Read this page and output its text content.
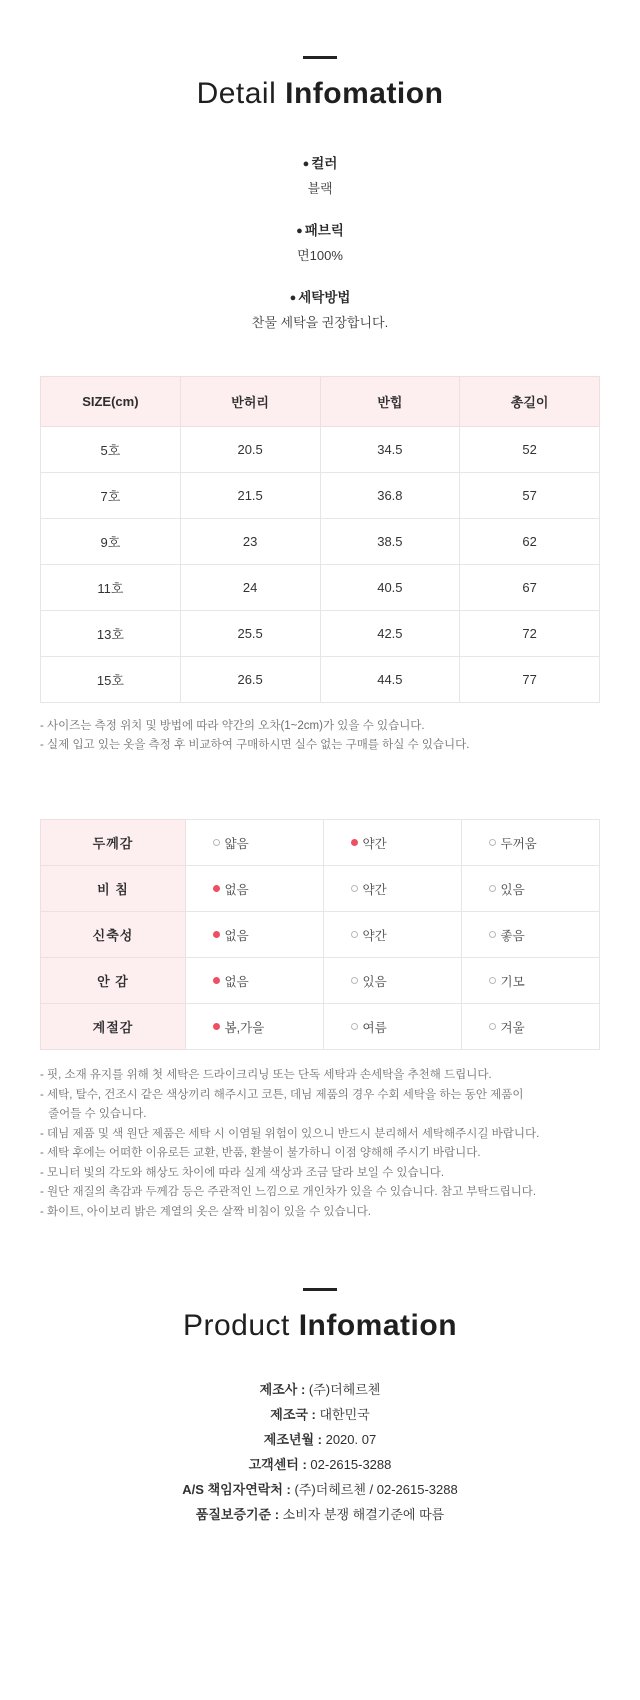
Detail Infomation
● 컬러
블랙
● 패브릭
면100%
● 세탁방법
찬물 세탁을 권장합니다.
SIZE(cm)	반허리	반힙	총길이
5호	20.5	34.5	52
7호	21.5	36.8	57
9호	23	38.5	62
11호	24	40.5	67
13호	25.5	42.5	72
15호	26.5	44.5	77
- 사이즈는 측정 위치 및 방법에 따라 약간의 오차(1~2cm)가 있을 수 있습니다.
- 실제 입고 있는 옷을 측정 후 비교하여 구매하시면 실수 없는 구매를 하실 수 있습니다.
두께감	얇음	약간	두꺼움

비 침	없음	약간	있음

신축성	없음	약간	좋음

안 감	없음	있음	기모

계절감	봄,가을	여름	겨울
- 핏, 소재 유지를 위해 첫 세탁은 드라이크리닝 또는 단독 세탁과 손세탁을 추천해 드립니다.
- 세탁, 탈수, 건조시 같은 색상끼리 해주시고 코튼, 데님 제품의 경우 수회 세탁을 하는 동안 제품이
줄어들 수 있습니다.
- 데님 제품 및 색 원단 제품은 세탁 시 이염될 위험이 있으니 반드시 분리해서 세탁해주시길 바랍니다.
- 세탁 후에는 어떠한 이유로든 교환, 반품, 환불이 불가하니 이점 양해해 주시기 바랍니다.
- 모니터 빛의 각도와 해상도 차이에 따라 실계 색상과 조금 달라 보일 수 있습니다.
- 원단 재질의 촉감과 두께감 등은 주관적인 느낌으로 개인차가 있을 수 있습니다. 참고 부탁드립니다.
- 화이트, 아이보리 밝은 계열의 옷은 살짝 비침이 있을 수 있습니다.
Product Infomation
제조사 : (주)더헤르첸
제조국 : 대한민국
제조년월 : 2020. 07
고객센터 : 02-2615-3288
A/S 책임자연락처 : (주)더헤르첸 / 02-2615-3288
품질보증기준 : 소비자 분쟁 해결기준에 따름
